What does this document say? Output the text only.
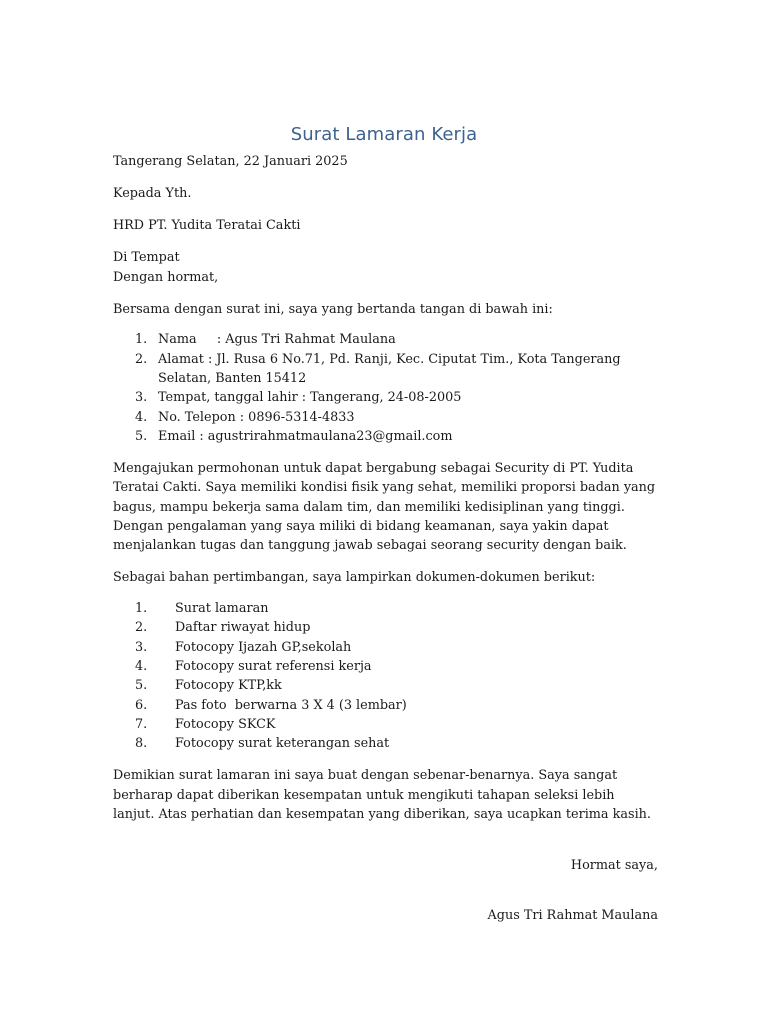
Surat Lamaran Kerja

Tangerang Selatan, 22 Januari 2025

Kepada Yth.

HRD PT. Yudita Teratai Cakti

Di Tempat

Dengan hormat,

Bersama dengan surat ini, saya yang bertanda tangan di bawah ini:

1. Nama     : Agus Tri Rahmat Maulana
2. Alamat : Jl. Rusa 6 No.71, Pd. Ranji, Kec. Ciputat Tim., Kota Tangerang Selatan, Banten 15412
3. Tempat, tanggal lahir : Tangerang, 24-08-2005
4. No. Telepon : 0896-5314-4833
5. Email : agustrirahmatmaulana23@gmail.com

Mengajukan permohonan untuk dapat bergabung sebagai Security di PT. Yudita Teratai Cakti. Saya memiliki kondisi fisik yang sehat, memiliki proporsi badan yang bagus, mampu bekerja sama dalam tim, dan memiliki kedisiplinan yang tinggi. Dengan pengalaman yang saya miliki di bidang keamanan, saya yakin dapat menjalankan tugas dan tanggung jawab sebagai seorang security dengan baik.

Sebagai bahan pertimbangan, saya lampirkan dokumen-dokumen berikut:

1. Surat lamaran
2. Daftar riwayat hidup
3. Fotocopy Ijazah GP,sekolah
4. Fotocopy surat referensi kerja
5. Fotocopy KTP,kk
6. Pas foto  berwarna 3 X 4 (3 lembar)
7. Fotocopy SKCK
8. Fotocopy surat keterangan sehat

Demikian surat lamaran ini saya buat dengan sebenar-benarnya. Saya sangat berharap dapat diberikan kesempatan untuk mengikuti tahapan seleksi lebih lanjut. Atas perhatian dan kesempatan yang diberikan, saya ucapkan terima kasih.

Hormat saya,
Agus Tri Rahmat Maulana
